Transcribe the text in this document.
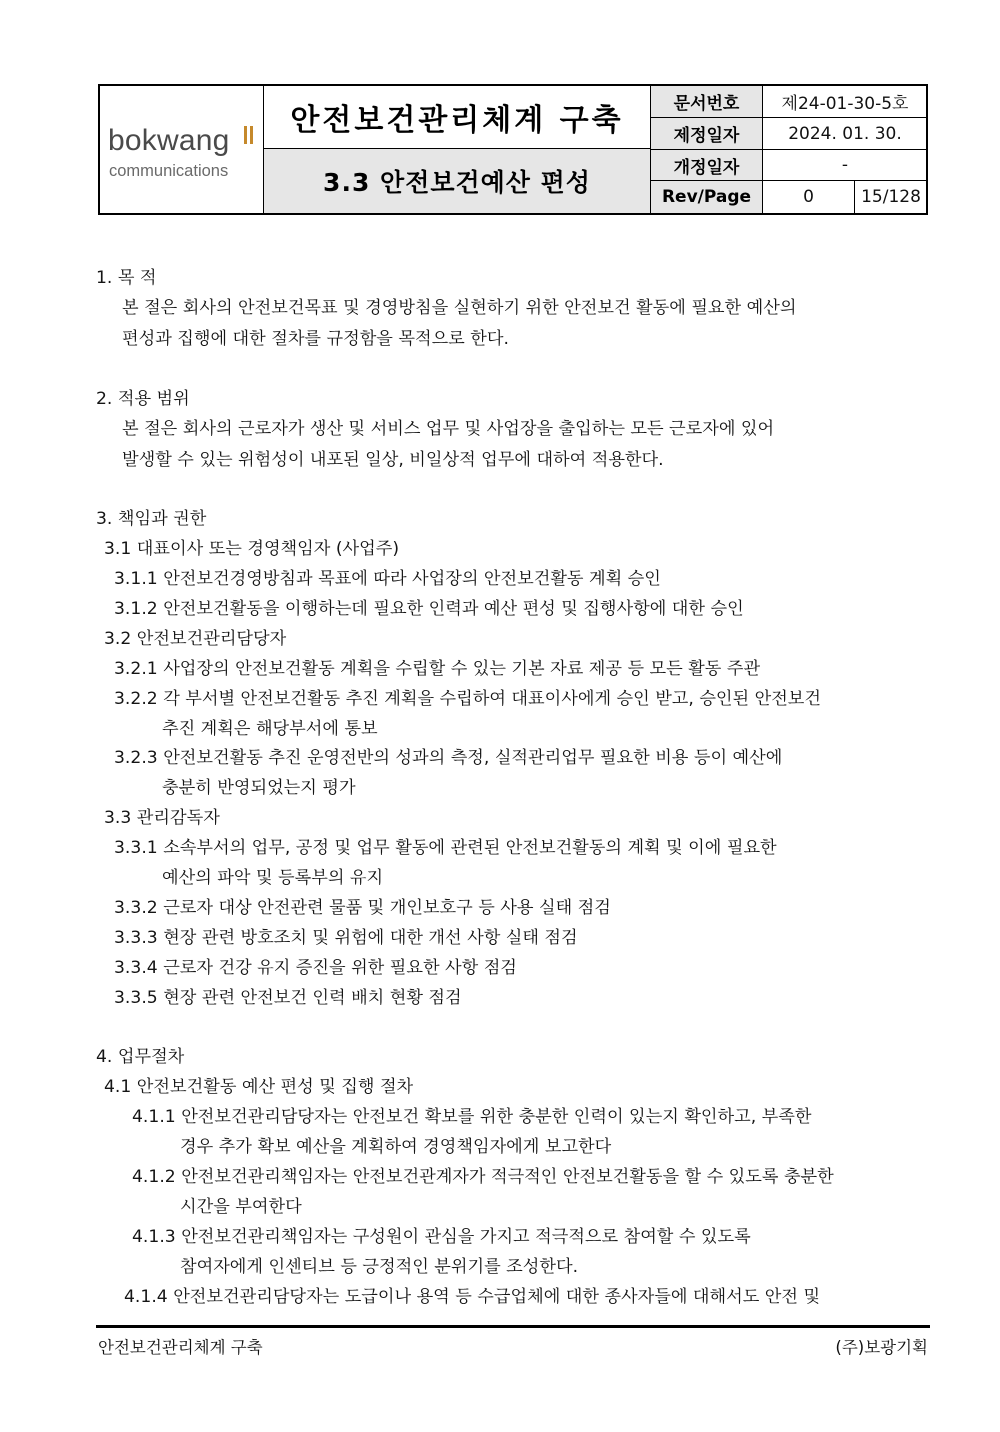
bokwang
communications
안전보건관리체계 구축
3.3 안전보건예산 편성
문서번호	제24-01-30-5호
제정일자	2024. 01. 30.
개정일자	-
Rev/Page	0	15/128
1. 목 적
본 절은 회사의 안전보건목표 및 경영방침을 실현하기 위한 안전보건 활동에 필요한 예산의
편성과 집행에 대한 절차를 규정함을 목적으로 한다.
2. 적용 범위
본 절은 회사의 근로자가 생산 및 서비스 업무 및 사업장을 출입하는 모든 근로자에 있어
발생할 수 있는 위험성이 내포된 일상, 비일상적 업무에 대하여 적용한다.
3. 책임과 권한
3.1 대표이사 또는 경영책임자 (사업주)
3.1.1 안전보건경영방침과 목표에 따라 사업장의 안전보건활동 계획 승인
3.1.2 안전보건활동을 이행하는데 필요한 인력과 예산 편성 및 집행사항에 대한 승인
3.2 안전보건관리담당자
3.2.1 사업장의 안전보건활동 계획을 수립할 수 있는 기본 자료 제공 등 모든 활동 주관
3.2.2 각 부서별 안전보건활동 추진 계획을 수립하여 대표이사에게 승인 받고, 승인된 안전보건
추진 계획은 해당부서에 통보
3.2.3 안전보건활동 추진 운영전반의 성과의 측정, 실적관리업무 필요한 비용 등이 예산에
충분히 반영되었는지 평가
3.3 관리감독자
3.3.1 소속부서의 업무, 공정 및 업무 활동에 관련된 안전보건활동의 계획 및 이에 필요한
예산의 파악 및 등록부의 유지
3.3.2 근로자 대상 안전관련 물품 및 개인보호구 등 사용 실태 점검
3.3.3 현장 관련 방호조치 및 위험에 대한 개선 사항 실태 점검
3.3.4 근로자 건강 유지 증진을 위한 필요한 사항 점검
3.3.5 현장 관련 안전보건 인력 배치 현황 점검
4. 업무절차
4.1 안전보건활동 예산 편성 및 집행 절차
4.1.1 안전보건관리담당자는 안전보건 확보를 위한 충분한 인력이 있는지 확인하고, 부족한
경우 추가 확보 예산을 계획하여 경영책임자에게 보고한다
4.1.2 안전보건관리책임자는 안전보건관계자가 적극적인 안전보건활동을 할 수 있도록 충분한
시간을 부여한다
4.1.3 안전보건관리책임자는 구성원이 관심을 가지고 적극적으로 참여할 수 있도록
참여자에게 인센티브 등 긍정적인 분위기를 조성한다.
4.1.4 안전보건관리담당자는 도급이나 용역 등 수급업체에 대한 종사자들에 대해서도 안전 및
안전보건관리체계 구축	(주)보광기획
